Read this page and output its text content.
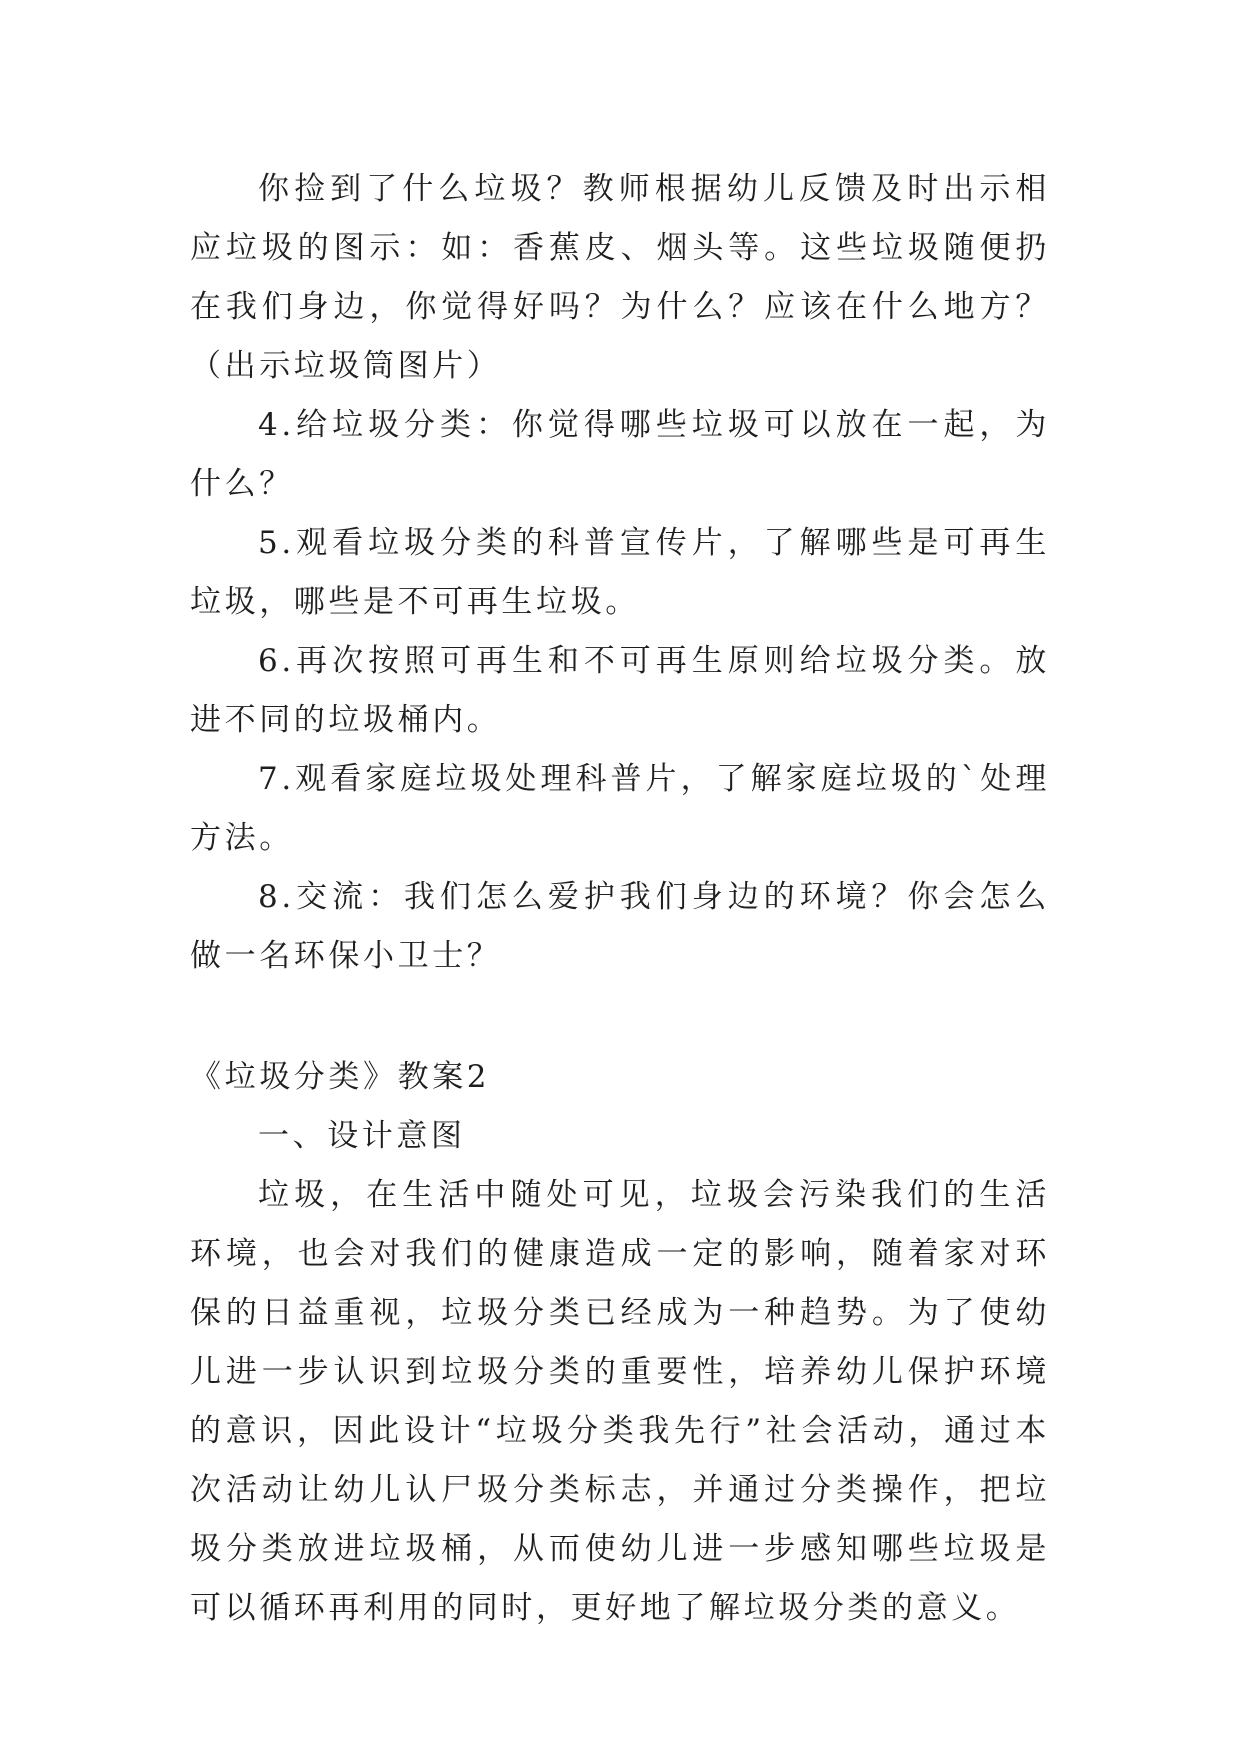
你捡到了什么垃圾？教师根据幼儿反馈及时出示相应垃圾的图示：如：香蕉皮、烟头等。这些垃圾随便扔在我们身边，你觉得好吗？为什么？应该在什么地方？（出示垃圾筒图片）

4.给垃圾分类：你觉得哪些垃圾可以放在一起，为什么？

5.观看垃圾分类的科普宣传片，了解哪些是可再生垃圾，哪些是不可再生垃圾。

6.再次按照可再生和不可再生原则给垃圾分类。放进不同的垃圾桶内。

7.观看家庭垃圾处理科普片，了解家庭垃圾的`处理方法。

8.交流：我们怎么爱护我们身边的环境？你会怎么做一名环保小卫士？

《垃圾分类》教案2

一、设计意图

垃圾，在生活中随处可见，垃圾会污染我们的生活环境，也会对我们的健康造成一定的影响，随着家对环保的日益重视，垃圾分类已经成为一种趋势。为了使幼儿进一步认识到垃圾分类的重要性，培养幼儿保护环境的意识，因此设计“垃圾分类我先行”社会活动，通过本次活动让幼儿认尸圾分类标志，并通过分类操作，把垃圾分类放进垃圾桶，从而使幼儿进一步感知哪些垃圾是可以循环再利用的同时，更好地了解垃圾分类的意义。
